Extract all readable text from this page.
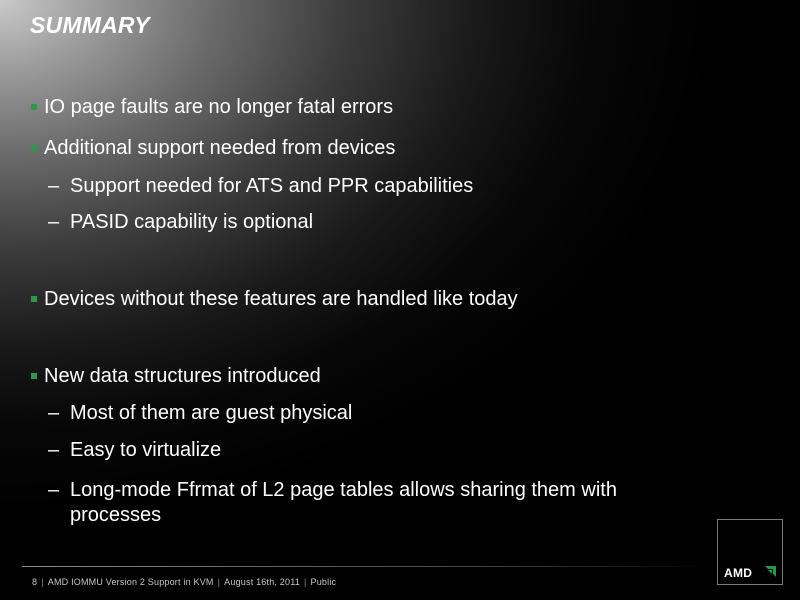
SUMMARY
IO page faults are no longer fatal errors
Additional support needed from devices
– Support needed for ATS and PPR capabilities
– PASID capability is optional
Devices without these features are handled like today
New data structures introduced
– Most of them are guest physical
– Easy to virtualize
– Long-mode Ffrmat of L2 page tables allows sharing them with processes
8 | AMD IOMMU Version 2 Support in KVM | August 16th, 2011 | Public
AMD
